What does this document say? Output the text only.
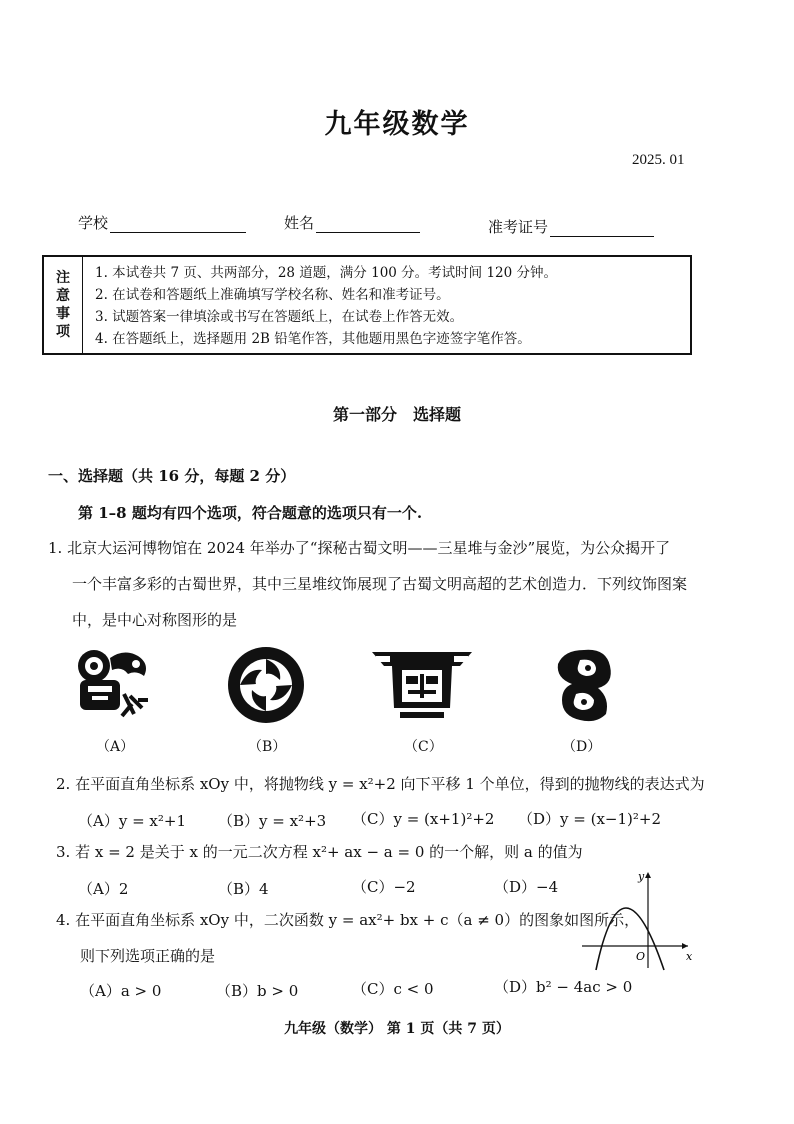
九年级数学
2025. 01
学校	姓名	准考证号
注
意
事
项
1. 本试卷共 7 页、共两部分，28 道题，满分 100 分。考试时间 120 分钟。
2. 在试卷和答题纸上准确填写学校名称、姓名和准考证号。
3. 试题答案一律填涂或书写在答题纸上，在试卷上作答无效。
4. 在答题纸上，选择题用 2B 铅笔作答，其他题用黑色字迹签字笔作答。
第一部分　选择题
一、选择题（共 16 分，每题 2 分）
第 1–8 题均有四个选项，符合题意的选项只有一个.
1. 北京大运河博物馆在 2024 年举办了“探秘古蜀文明——三星堆与金沙”展览，为公众揭开了
一个丰富多彩的古蜀世界，其中三星堆纹饰展现了古蜀文明高超的艺术创造力．下列纹饰图案
中，是中心对称图形的是
（A）	（B）	（C）	（D）
2. 在平面直角坐标系 xOy 中，将抛物线 y = x²+2 向下平移 1 个单位，得到的抛物线的表达式为
（A）y = x²+1 （B）y = x²+3 （C）y = (x+1)²+2 （D）y = (x−1)²+2
3. 若 x = 2 是关于 x 的一元二次方程 x²+ ax − a = 0 的一个解，则 a 的值为
（A）2	（B）4	（C）−2	（D）−4
4. 在平面直角坐标系 xOy 中，二次函数 y = ax²+ bx + c（a ≠ 0）的图象如图所示，
则下列选项正确的是
（A）a > 0	（B）b > 0	（C）c < 0	（D）b² − 4ac > 0
y
x
O
九年级（数学） 第 1 页（共 7 页）
